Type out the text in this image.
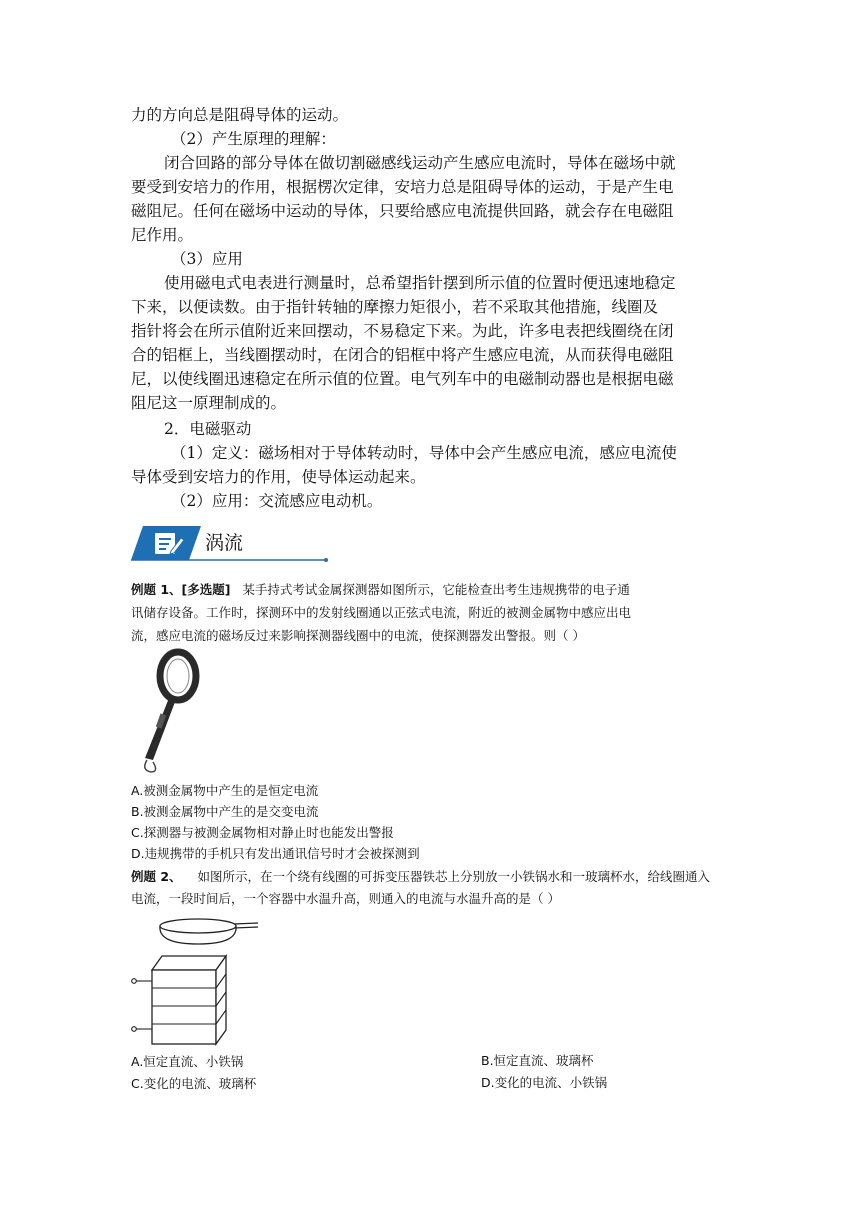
力的方向总是阻碍导体的运动。
（2）产生原理的理解：
闭合回路的部分导体在做切割磁感线运动产生感应电流时，导体在磁场中就
要受到安培力的作用，根据楞次定律，安培力总是阻碍导体的运动，于是产生电
磁阻尼。任何在磁场中运动的导体，只要给感应电流提供回路，就会存在电磁阻
尼作用。
（3）应用
使用磁电式电表进行测量时，总希望指针摆到所示值的位置时便迅速地稳定
下来，以便读数。由于指针转轴的摩擦力矩很小，若不采取其他措施，线圈及
指针将会在所示值附近来回摆动，不易稳定下来。为此，许多电表把线圈绕在闭
合的铝框上，当线圈摆动时，在闭合的铝框中将产生感应电流，从而获得电磁阻
尼，以使线圈迅速稳定在所示值的位置。电气列车中的电磁制动器也是根据电磁
阻尼这一原理制成的。
2．电磁驱动
（1）定义：磁场相对于导体转动时，导体中会产生感应电流，感应电流使
导体受到安培力的作用，使导体运动起来。
（2）应用：交流感应电动机。
涡流
例题 1、[多选题] 某手持式考试金属探测器如图所示，它能检查出考生违规携带的电子通
讯储存设备。工作时，探测环中的发射线圈通以正弦式电流，附近的被测金属物中感应出电
流，感应电流的磁场反过来影响探测器线圈中的电流，使探测器发出警报。则（ ）
A.被测金属物中产生的是恒定电流
B.被测金属物中产生的是交变电流
C.探测器与被测金属物相对静止时也能发出警报
D.违规携带的手机只有发出通讯信号时才会被探测到
例题 2、 如图所示，在一个绕有线圈的可拆变压器铁芯上分别放一小铁锅水和一玻璃杯水，给线圈通入
电流，一段时间后，一个容器中水温升高，则通入的电流与水温升高的是（ ）
A.恒定直流、小铁锅	B.恒定直流、玻璃杯
C.变化的电流、玻璃杯	D.变化的电流、小铁锅
